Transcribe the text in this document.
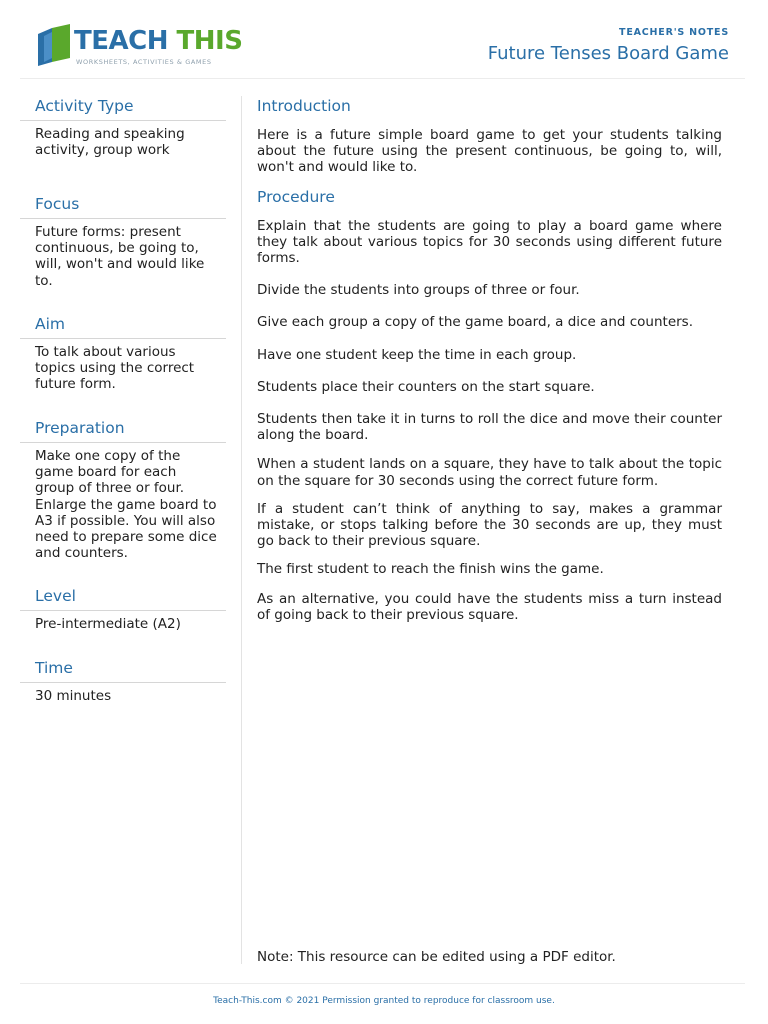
TEACH THIS
WORKSHEETS, ACTIVITIES & GAMES
TEACHER'S NOTES
Future Tenses Board Game
Activity Type
Reading and speaking activity, group work
Focus
Future forms: present continuous, be going to, will, won't and would like to.
Aim
To talk about various topics using the correct future form.
Preparation
Make one copy of the game board for each group of three or four. Enlarge the game board to A3 if possible. You will also need to prepare some dice and counters.
Level
Pre-intermediate (A2)
Time
30 minutes
Introduction
Here is a future simple board game to get your students talking about the future using the present continuous, be going to, will, won't and would like to.
Procedure
Explain that the students are going to play a board game where they talk about various topics for 30 seconds using different future forms.
Divide the students into groups of three or four.
Give each group a copy of the game board, a dice and counters.
Have one student keep the time in each group.
Students place their counters on the start square.
Students then take it in turns to roll the dice and move their counter along the board.
When a student lands on a square, they have to talk about the topic on the square for 30 seconds using the correct future form.
If a student can’t think of anything to say, makes a grammar mistake, or stops talking before the 30 seconds are up, they must go back to their previous square.
The first student to reach the finish wins the game.
As an alternative, you could have the students miss a turn instead of going back to their previous square.
Note: This resource can be edited using a PDF editor.
Teach-This.com © 2021 Permission granted to reproduce for classroom use.
